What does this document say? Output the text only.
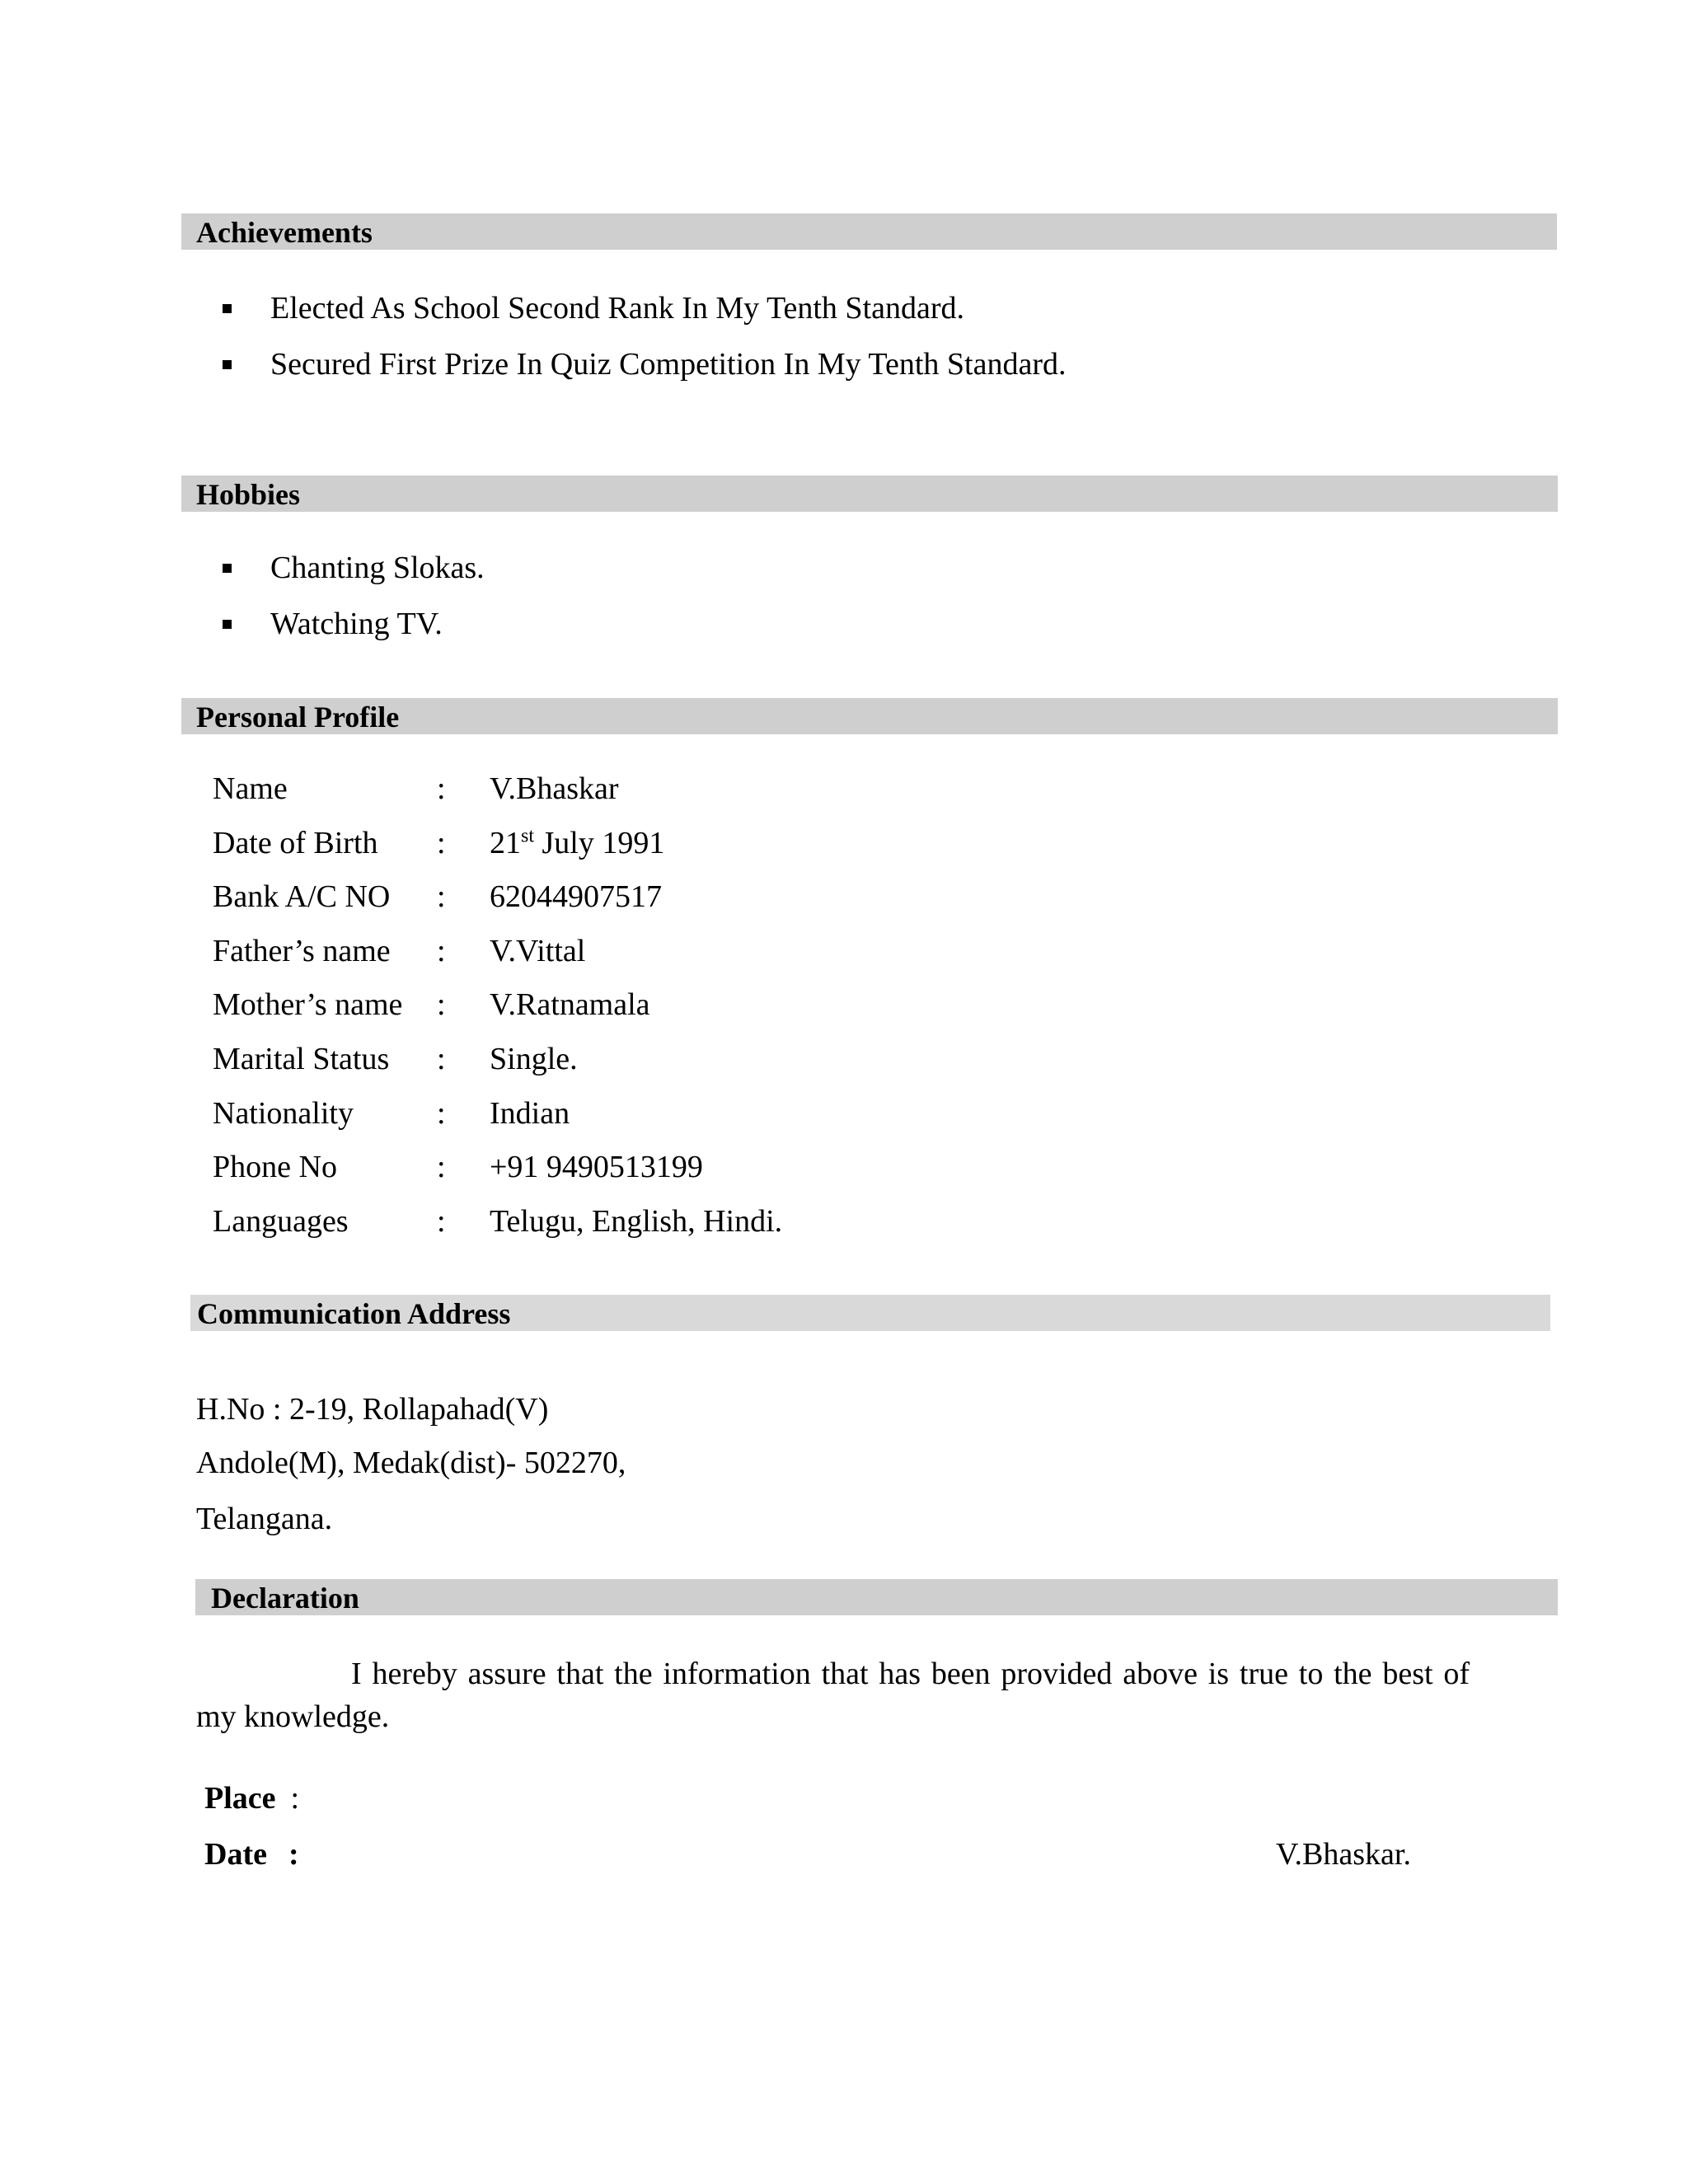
Achievements
Elected As School Second Rank In My Tenth Standard.
Secured First Prize In Quiz Competition In My Tenth Standard.
Hobbies
Chanting Slokas.
Watching TV.
Personal Profile
Name	: V.Bhaskar
Date of Birth : 21st July 1991
Bank A/C NO : 62044907517
Father’s name : V.Vittal
Mother’s name : V.Ratnamala
Marital Status : Single.
Nationality	: Indian
Phone No	: +91 9490513199
Languages	: Telugu, English, Hindi.
Communication Address
H.No : 2-19, Rollapahad(V)
Andole(M), Medak(dist)- 502270,
Telangana.
Declaration
I hereby assure that the information that has been provided above is true to the best of my knowledge.
Place :
Date :	V.Bhaskar.
